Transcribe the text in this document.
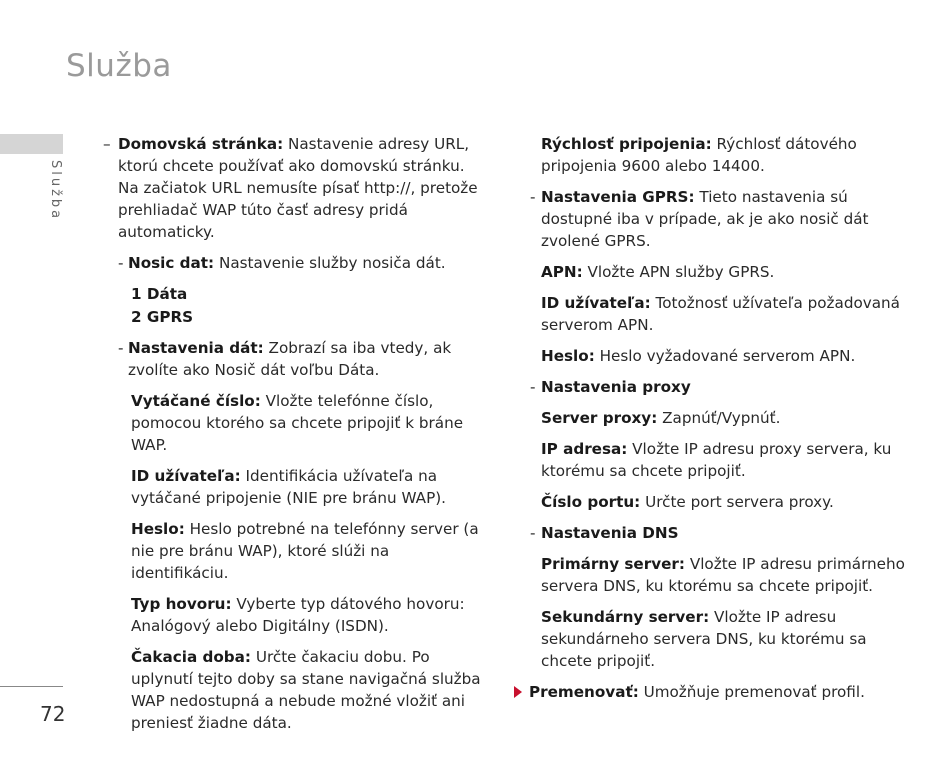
Služba
Služba
72
– Domovská stránka: Nastavenie adresy URL, ktorú chcete používať ako domovskú stránku. Na začiatok URL nemusíte písať http://, pretože prehliadač WAP túto časť adresy pridá automaticky.
- Nosic dat: Nastavenie služby nosiča dát.
1 Dáta
2 GPRS
- Nastavenia dát: Zobrazí sa iba vtedy, ak zvolíte ako Nosič dát voľbu Dáta.
Vytáčané číslo: Vložte telefónne číslo, pomocou ktorého sa chcete pripojiť k bráne WAP.
ID užívateľa: Identifikácia užívateľa na vytáčané pripojenie (NIE pre bránu WAP).
Heslo: Heslo potrebné na telefónny server (a nie pre bránu WAP), ktoré slúži na identifikáciu.
Typ hovoru: Vyberte typ dátového hovoru: Analógový alebo Digitálny (ISDN).
Čakacia doba: Určte čakaciu dobu. Po uplynutí tejto doby sa stane navigačná služba WAP nedostupná a nebude možné vložiť ani preniesť žiadne dáta.
Rýchlosť pripojenia: Rýchlosť dátového pripojenia 9600 alebo 14400.
- Nastavenia GPRS: Tieto nastavenia sú dostupné iba v prípade, ak je ako nosič dát zvolené GPRS.
APN: Vložte APN služby GPRS.
ID užívateľa: Totožnosť užívateľa požadovaná serverom APN.
Heslo: Heslo vyžadované serverom APN.
- Nastavenia proxy
Server proxy: Zapnúť/Vypnúť.
IP adresa: Vložte IP adresu proxy servera, ku ktorému sa chcete pripojiť.
Číslo portu: Určte port servera proxy.
- Nastavenia DNS
Primárny server: Vložte IP adresu primárneho servera DNS, ku ktorému sa chcete pripojiť.
Sekundárny server: Vložte IP adresu sekundárneho servera DNS, ku ktorému sa chcete pripojiť.
Premenovať: Umožňuje premenovať profil.
